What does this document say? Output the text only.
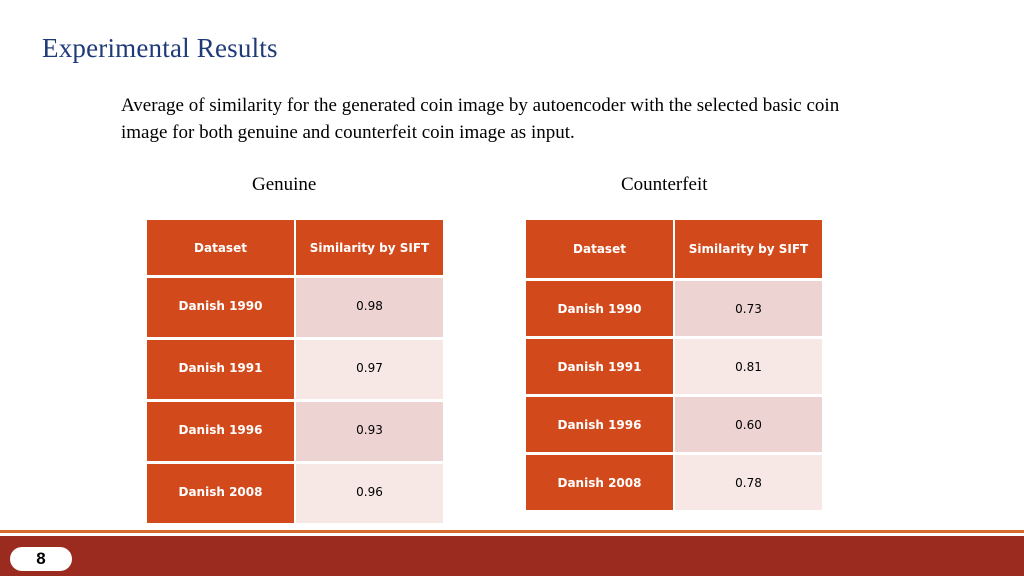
Experimental Results
Average of similarity for the generated coin image by autoencoder with the selected basic coin image for both genuine and counterfeit coin image as input.
Genuine	Counterfeit
Dataset	Similarity by SIFT
Danish 1990	0.98
Danish 1991	0.97
Danish 1996	0.93
Danish 2008	0.96
Dataset	Similarity by SIFT
Danish 1990	0.73
Danish 1991	0.81
Danish 1996	0.60
Danish 2008	0.78
8
